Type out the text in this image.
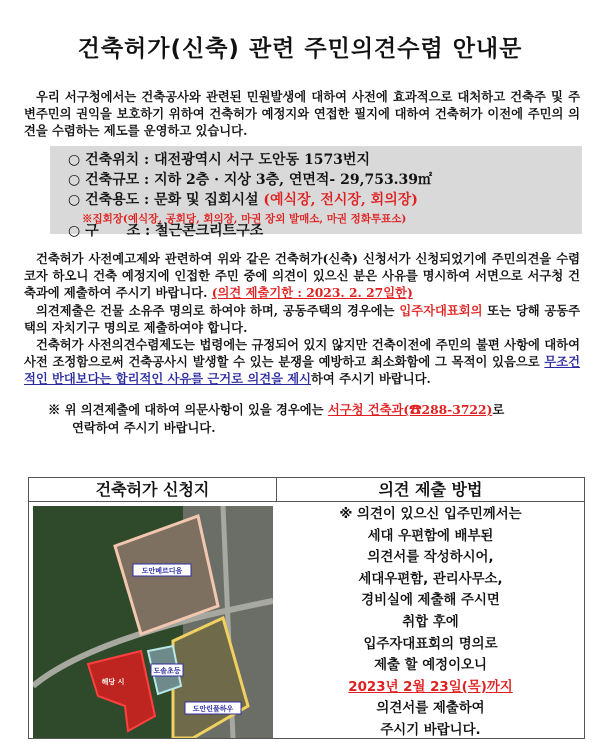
건축허가(신축) 관련 주민의견수렴 안내문
우리 서구청에서는 건축공사와 관련된 민원발생에 대하여 사전에 효과적으로 대처하고 건축주 및 주변주민의 권익을 보호하기 위하여 건축허가 예정지와 연접한 필지에 대하여 건축허가 이전에 주민의 의견을 수렴하는 제도를 운영하고 있습니다.
○ 건축위치 : 대전광역시 서구 도안동 1573번지
○ 건축규모 : 지하 2층 · 지상 3층, 연면적- 29,753.39㎡
○ 건축용도 : 문화 및 집회시설 (예식장, 전시장, 회의장)
※집회장(예식장, 공회당, 회의장, 마권 장외 발매소, 마권 정화투표소)
○ 구　　조 : 철근콘크리트구조
건축허가 사전예고제와 관련하여 위와 같은 건축허가(신축) 신청서가 신청되었기에 주민의견을 수렴코자 하오니 건축 예정지에 인접한 주민 중에 의견이 있으신 분은 사유를 명시하여 서면으로 서구청 건축과에 제출하여 주시기 바랍니다. (의견 제출기한 : 2023. 2. 27일한)
의견제출은 건물 소유주 명의로 하여야 하며, 공동주택의 경우에는 입주자대표회의 또는 당해 공동주택의 자치기구 명의로 제출하여야 합니다.
건축허가 사전의견수렴제도는 법령에는 규정되어 있지 않지만 건축이전에 주민의 불편 사항에 대하여 사전 조정함으로써 건축공사시 발생할 수 있는 분쟁을 예방하고 최소화함에 그 목적이 있음으로 무조건적인 반대보다는 합리적인 사유를 근거로 의견을 제시하여 주시기 바랍니다.
※ 위 의견제출에 대하여 의문사항이 있을 경우에는 서구청 건축과(☎288-3722)로
연락하여 주시기 바랍니다.
건축허가 신청지	의견 제출 방법
도안베르디움
도솔초등
해당 시
도안린풀하우
※ 의견이 있으신 입주민께서는
세대 우편함에 배부된
의견서를 작성하시어,
세대우편함, 관리사무소,
경비실에 제출해 주시면
취합 후에
입주자대표회의 명의로
제출 할 예정이오니
2023년 2월 23일(목)까지
의견서를 제출하여
주시기 바랍니다.
